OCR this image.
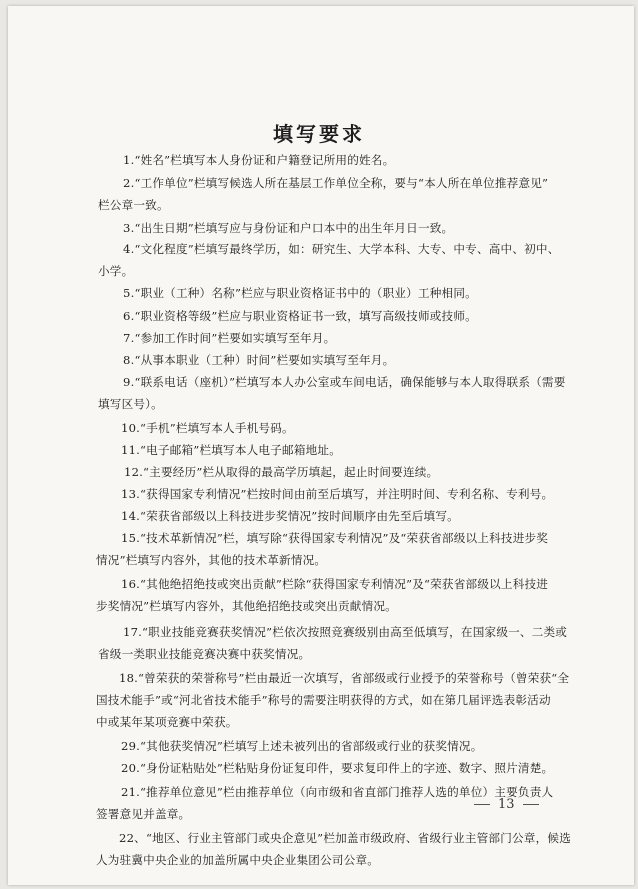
填写要求
1.“姓名”栏填写本人身份证和户籍登记所用的姓名。
2.“工作单位”栏填写候选人所在基层工作单位全称，要与“本人所在单位推荐意见”
栏公章一致。
3.“出生日期”栏填写应与身份证和户口本中的出生年月日一致。
4.“文化程度”栏填写最终学历，如：研究生、大学本科、大专、中专、高中、初中、
小学。
5.“职业（工种）名称”栏应与职业资格证书中的（职业）工种相同。
6.“职业资格等级”栏应与职业资格证书一致，填写高级技师或技师。
7.“参加工作时间”栏要如实填写至年月。
8.“从事本职业（工种）时间”栏要如实填写至年月。
9.“联系电话（座机）”栏填写本人办公室或车间电话，确保能够与本人取得联系（需要
填写区号）。
10.“手机”栏填写本人手机号码。
11.“电子邮箱”栏填写本人电子邮箱地址。
12.“主要经历”栏从取得的最高学历填起，起止时间要连续。
13.“获得国家专利情况”栏按时间由前至后填写，并注明时间、专利名称、专利号。
14.“荣获省部级以上科技进步奖情况”按时间顺序由先至后填写。
15.“技术革新情况”栏，填写除“获得国家专利情况”及“荣获省部级以上科技进步奖
情况”栏填写内容外，其他的技术革新情况。
16.“其他绝招绝技或突出贡献”栏除“获得国家专利情况”及“荣获省部级以上科技进
步奖情况”栏填写内容外，其他绝招绝技或突出贡献情况。
17.“职业技能竞赛获奖情况”栏依次按照竞赛级别由高至低填写，在国家级一、二类或
省级一类职业技能竞赛决赛中获奖情况。
18.“曾荣获的荣誉称号”栏由最近一次填写，省部级或行业授予的荣誉称号（曾荣获“全
国技术能手”或“河北省技术能手”称号的需要注明获得的方式，如在第几届评选表彰活动
中或某年某项竞赛中荣获。
29.“其他获奖情况”栏填写上述未被列出的省部级或行业的获奖情况。
20.“身份证粘贴处”栏粘贴身份证复印件，要求复印件上的字迹、数字、照片清楚。
21.“推荐单位意见”栏由推荐单位（向市级和省直部门推荐人选的单位）主要负责人
签署意见并盖章。
22、“地区、行业主管部门或央企意见”栏加盖市级政府、省级行业主管部门公章，候选
人为驻冀中央企业的加盖所属中央企业集团公司公章。
13
